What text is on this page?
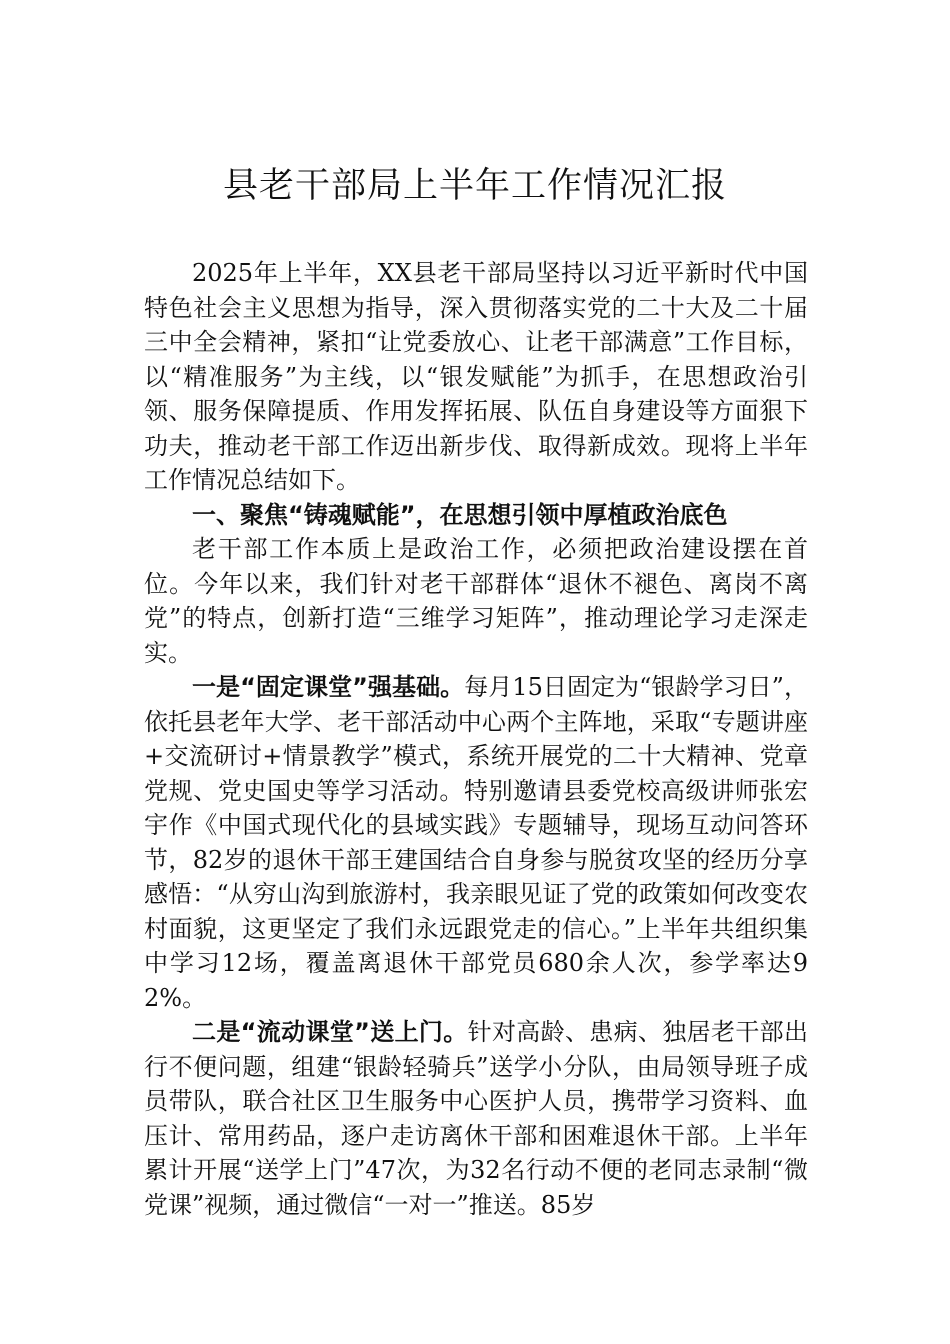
县老干部局上半年工作情况汇报

2025年上半年，XX县老干部局坚持以习近平新时代中国特色社会主义思想为指导，深入贯彻落实党的二十大及二十届三中全会精神，紧扣“让党委放心、让老干部满意”工作目标，以“精准服务”为主线，以“银发赋能”为抓手，在思想政治引领、服务保障提质、作用发挥拓展、队伍自身建设等方面狠下功夫，推动老干部工作迈出新步伐、取得新成效。现将上半年工作情况总结如下。

一、聚焦“铸魂赋能”，在思想引领中厚植政治底色

老干部工作本质上是政治工作，必须把政治建设摆在首位。今年以来，我们针对老干部群体“退休不褪色、离岗不离党”的特点，创新打造“三维学习矩阵”，推动理论学习走深走实。

一是“固定课堂”强基础。每月15日固定为“银龄学习日”，依托县老年大学、老干部活动中心两个主阵地，采取“专题讲座+交流研讨+情景教学”模式，系统开展党的二十大精神、党章党规、党史国史等学习活动。特别邀请县委党校高级讲师张宏宇作《中国式现代化的县域实践》专题辅导，现场互动问答环节，82岁的退休干部王建国结合自身参与脱贫攻坚的经历分享感悟：“从穷山沟到旅游村，我亲眼见证了党的政策如何改变农村面貌，这更坚定了我们永远跟党走的信心。”上半年共组织集中学习12场，覆盖离退休干部党员680余人次，参学率达92%。

二是“流动课堂”送上门。针对高龄、患病、独居老干部出行不便问题，组建“银龄轻骑兵”送学小分队，由局领导班子成员带队，联合社区卫生服务中心医护人员，携带学习资料、血压计、常用药品，逐户走访离休干部和困难退休干部。上半年累计开展“送学上门”47次，为32名行动不便的老同志录制“微党课”视频，通过微信“一对一”推送。85岁
